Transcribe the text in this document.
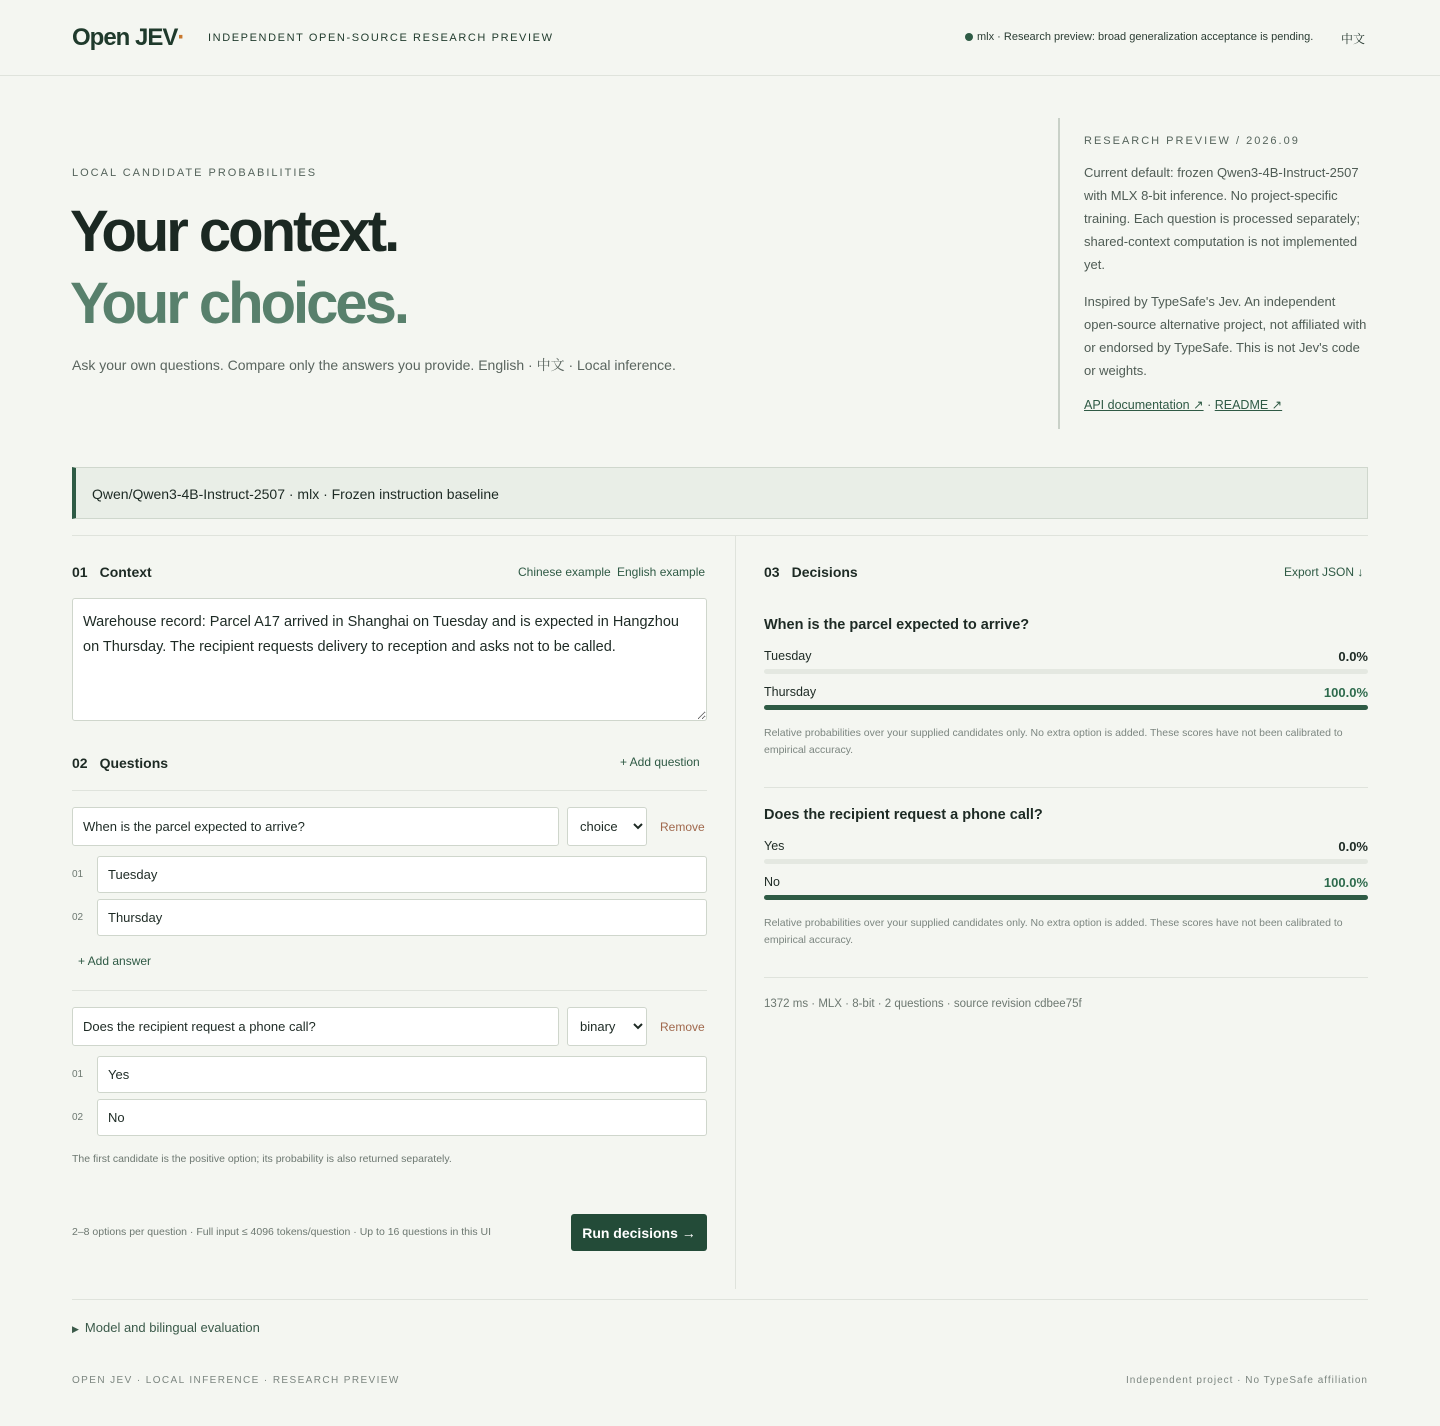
Open JEV· INDEPENDENT OPEN-SOURCE RESEARCH PREVIEW	mlx · Research preview: broad generalization acceptance is pending. 中文
LOCAL CANDIDATE PROBABILITIES
Your context.
Your choices.
Ask your own questions. Compare only the answers you provide. English · 中文 · Local inference.
RESEARCH PREVIEW / 2026.09

Current default: frozen Qwen3-4B-Instruct-2507 with MLX 8-bit inference. No project-specific training. Each question is processed separately; shared-context computation is not implemented yet.

Inspired by TypeSafe's Jev. An independent open-source alternative project, not affiliated with or endorsed by TypeSafe. This is not Jev's code or weights.

API documentation ↗ · README ↗
Qwen/Qwen3-4B-Instruct-2507 · mlx · Frozen instruction baseline
01 Context	Chinese example English example
Warehouse record: Parcel A17 arrived in Shanghai on Tuesday and is expected in Hangzhou on Thursday. The recipient requests delivery to reception and asks not to be called.
02 Questions	+ Add question
When is the parcel expected to arrive?
choice
Remove
01
Tuesday
02
Thursday
+ Add answer
Does the recipient request a phone call?
binary
Remove
01
Yes
02
No
The first candidate is the positive option; its probability is also returned separately.
2–8 options per question · Full input ≤ 4096 tokens/question · Up to 16 questions in this UI	Run decisions →
03 Decisions	Export JSON ↓
When is the parcel expected to arrive?
Tuesday	0.0%
Thursday	100.0%
Relative probabilities over your supplied candidates only. No extra option is added. These scores have not been calibrated to empirical accuracy.
Does the recipient request a phone call?
Yes	0.0%
No	100.0%
Relative probabilities over your supplied candidates only. No extra option is added. These scores have not been calibrated to empirical accuracy.
1372 ms · MLX · 8-bit · 2 questions · source revision cdbee75f
▶ Model and bilingual evaluation
OPEN JEV · LOCAL INFERENCE · RESEARCH PREVIEW	Independent project · No TypeSafe affiliation
